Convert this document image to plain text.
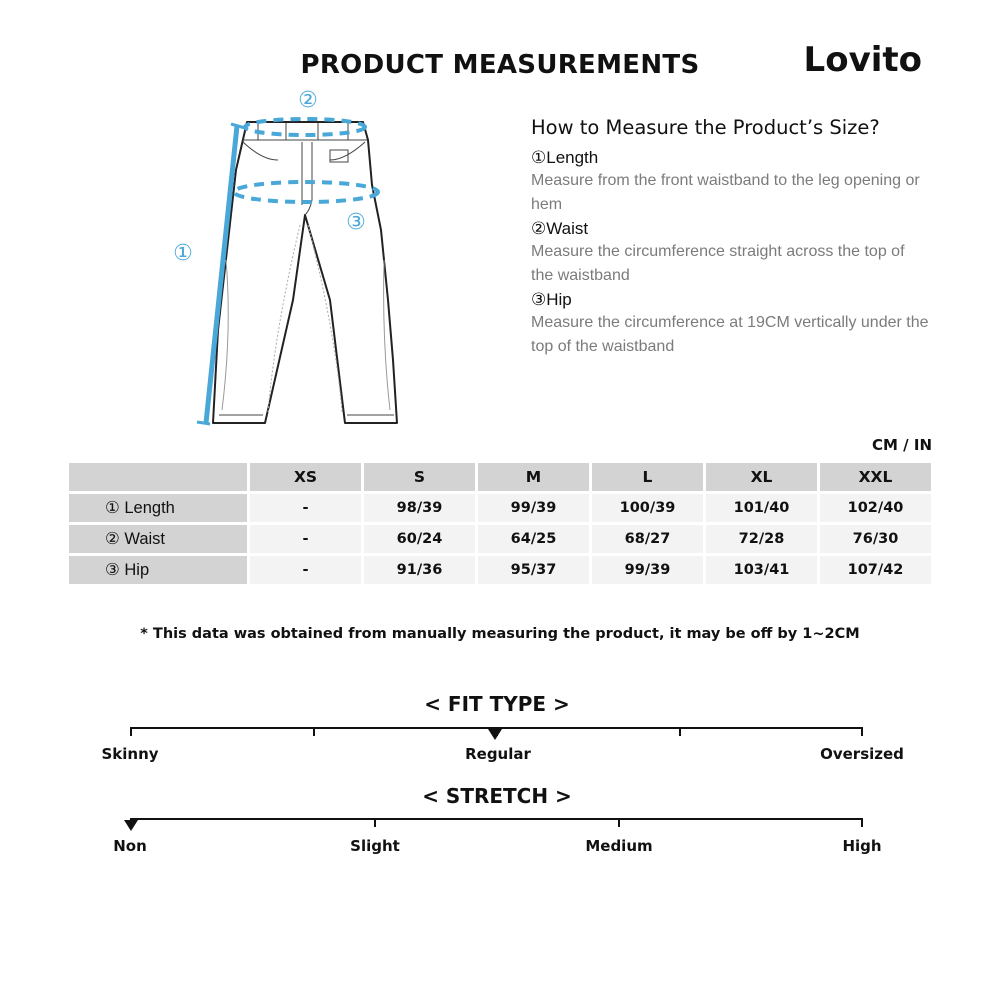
PRODUCT MEASUREMENTS	Lovito
①
②
③
How to Measure the Product’s Size?
①Length
Measure from the front waistband to the leg opening or hem
②Waist
Measure the circumference straight across the top of the waistband
③Hip
Measure the circumference at 19CM vertically under the top of the waistband
CM / IN
	XS	S	M	L	XL	XXL
① Length	-	98/39	99/39	100/39	101/40	102/40
② Waist	-	60/24	64/25	68/27	72/28	76/30
③ Hip	-	91/36	95/37	99/39	103/41	107/42
* This data was obtained from manually measuring the product, it may be off by 1~2CM
< FIT TYPE >
Skinny	Regular	Oversized
< STRETCH >
Non	Slight	Medium	High
